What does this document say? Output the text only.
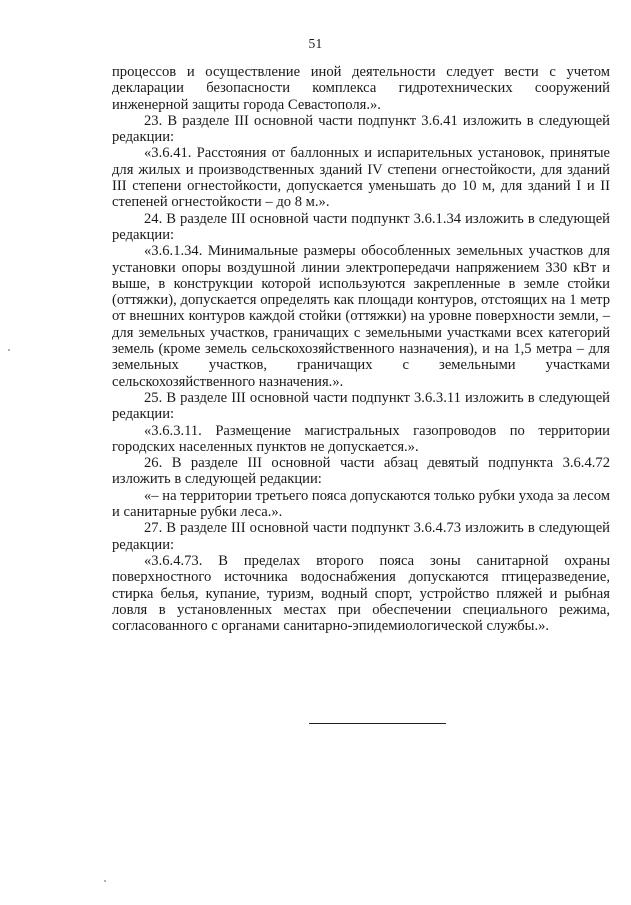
51

процессов и осуществление иной деятельности следует вести с учетом декларации безопасности комплекса гидротехнических сооружений инженерной защиты города Севастополя.».

23. В разделе III основной части подпункт 3.6.41 изложить в следующей редакции:

«3.6.41. Расстояния от баллонных и испарительных установок, принятые для жилых и производственных зданий IV степени огнестойкости, для зданий III степени огнестойкости, допускается уменьшать до 10 м, для зданий I и II степеней огнестойкости – до 8 м.».

24. В разделе III основной части подпункт 3.6.1.34 изложить в следующей редакции:

«3.6.1.34. Минимальные размеры обособленных земельных участков для установки опоры воздушной линии электропередачи напряжением 330 кВт и выше, в конструкции которой используются закрепленные в земле стойки (оттяжки), допускается определять как площади контуров, отстоящих на 1 метр от внешних контуров каждой стойки (оттяжки) на уровне поверхности земли, – для земельных участков, граничащих с земельными участками всех категорий земель (кроме земель сельскохозяйственного назначения), и на 1,5 метра – для земельных участков, граничащих с земельными участками сельскохозяйственного назначения.».

25. В разделе III основной части подпункт 3.6.3.11 изложить в следующей редакции:

«3.6.3.11. Размещение магистральных газопроводов по территории городских населенных пунктов не допускается.».

26. В разделе III основной части абзац девятый подпункта 3.6.4.72 изложить в следующей редакции:

«– на территории третьего пояса допускаются только рубки ухода за лесом и санитарные рубки леса.».

27. В разделе III основной части подпункт 3.6.4.73 изложить в следующей редакции:

«3.6.4.73. В пределах второго пояса зоны санитарной охраны поверхностного источника водоснабжения допускаются птицеразведение, стирка белья, купание, туризм, водный спорт, устройство пляжей и рыбная ловля в установленных местах при обеспечении специального режима, согласованного с органами санитарно-эпидемиологической службы.».
